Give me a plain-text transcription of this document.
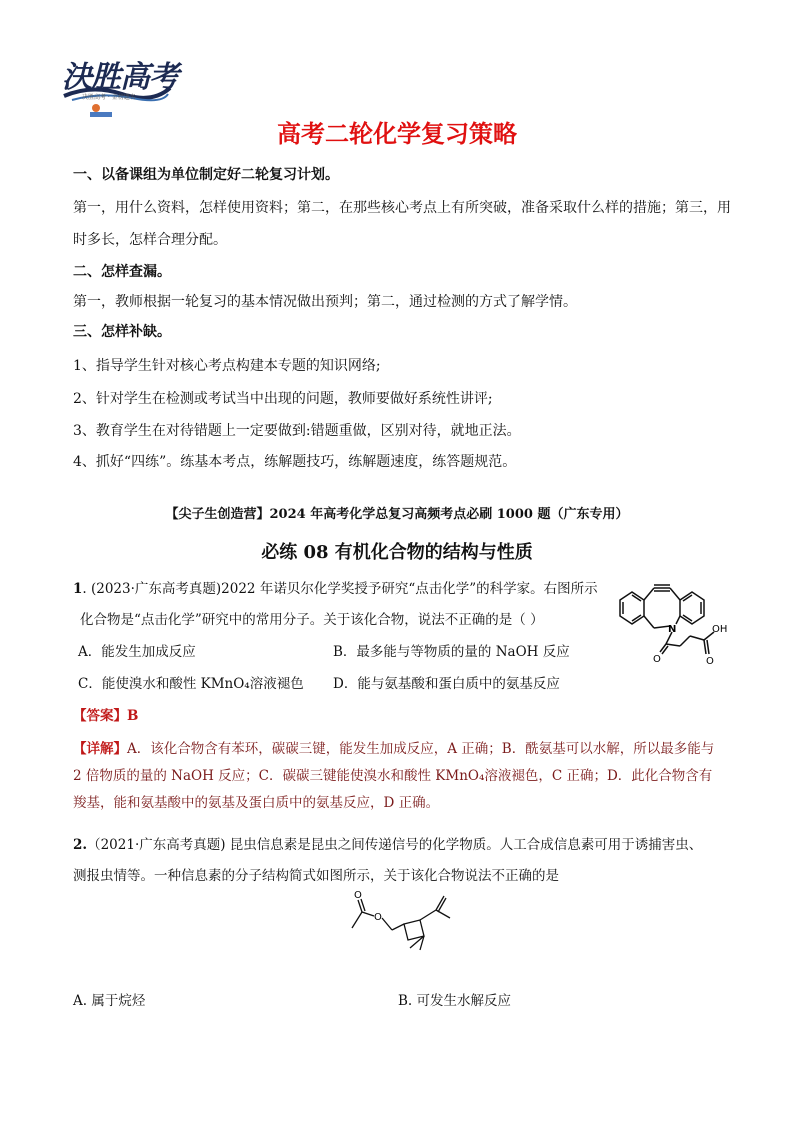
決胜高考
决胜高考 · 金榜题名
高考二轮化学复习策略
一、以备课组为单位制定好二轮复习计划。
第一，用什么资料，怎样使用资料；第二，在那些核心考点上有所突破，准备采取什么样的措施；第三，用时多长，怎样合理分配。
二、怎样查漏。
第一，教师根据一轮复习的基本情况做出预判；第二，通过检测的方式了解学情。
三、怎样补缺。
1、指导学生针对核心考点构建本专题的知识网络;
2、针对学生在检测或考试当中出现的问题，教师要做好系统性讲评;
3、教育学生在对待错题上一定要做到:错题重做，区别对待，就地正法。
4、抓好“四练”。练基本考点，练解题技巧，练解题速度，练答题规范。
【尖子生创造营】2024 年高考化学总复习高频考点必刷 1000 题（广东专用）
必练 08 有机化合物的结构与性质
1. (2023·广东高考真题)2022 年诺贝尔化学奖授予研究“点击化学”的科学家。右图所示
化合物是“点击化学”研究中的常用分子。关于该化合物，说法不正确的是（ ）
A．能发生加成反应	B．最多能与等物质的量的 NaOH 反应
C．能使溴水和酸性 KMnO₄溶液褪色 D．能与氨基酸和蛋白质中的氨基反应
N
O	O
OH
【答案】B
【详解】A．该化合物含有苯环，碳碳三键，能发生加成反应，A 正确；B．酰氨基可以水解，所以最多能与 2 倍物质的量的 NaOH 反应；C．碳碳三键能使溴水和酸性 KMnO₄溶液褪色，C 正确；D．此化合物含有羧基，能和氨基酸中的氨基及蛋白质中的氨基反应，D 正确。
2.（2021·广东高考真题) 昆虫信息素是昆虫之间传递信号的化学物质。人工合成信息素可用于诱捕害虫、
测报虫情等。一种信息素的分子结构简式如图所示，关于该化合物说法不正确的是
O
O
A. 属于烷烃	B. 可发生水解反应
